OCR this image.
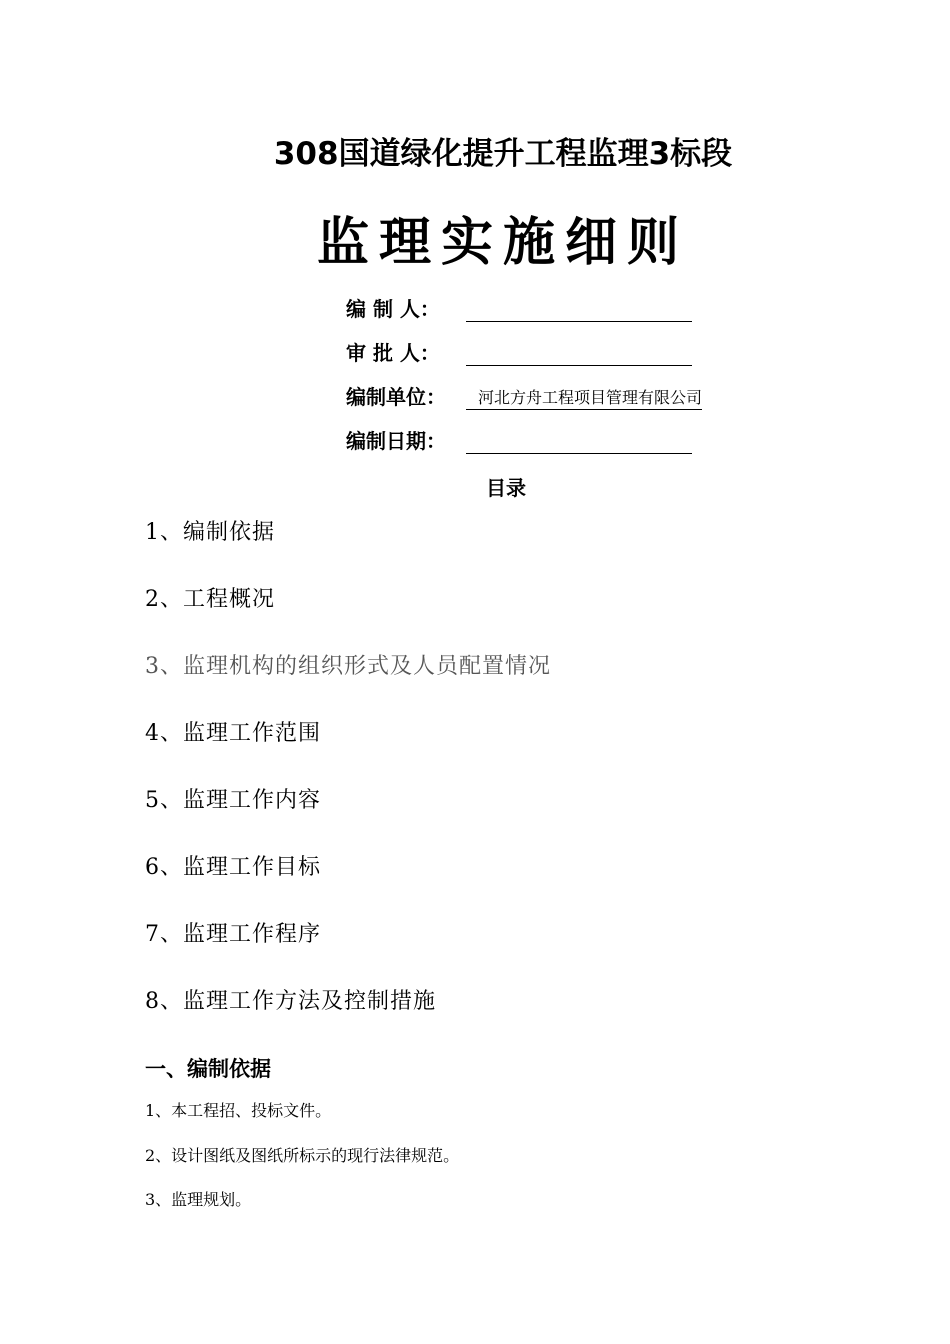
308国道绿化提升工程监理3标段
监理实施细则
编 制 人：
审 批 人：
编制单位：	河北方舟工程项目管理有限公司
编制日期：
目录
1、编制依据
2、工程概况
3、监理机构的组织形式及人员配置情况
4、监理工作范围
5、监理工作内容
6、监理工作目标
7、监理工作程序
8、监理工作方法及控制措施
一、编制依据
1、本工程招、投标文件。
2、设计图纸及图纸所标示的现行法律规范。
3、监理规划。
